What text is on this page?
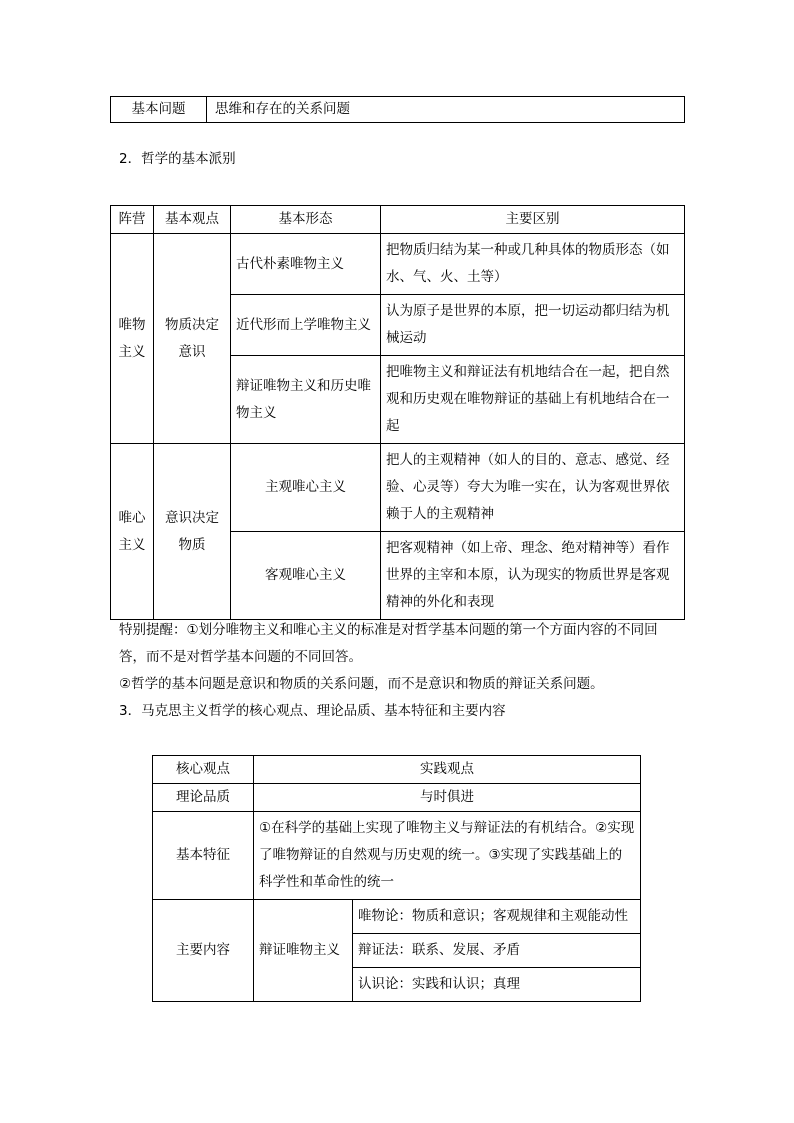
基本问题	思维和存在的关系问题

2．哲学的基本派别

阵营	基本观点	基本形态	主要区别
唯物主义	物质决定意识	古代朴素唯物主义	把物质归结为某一种或几种具体的物质形态（如水、气、火、土等）
		近代形而上学唯物主义	认为原子是世界的本原，把一切运动都归结为机械运动
		辩证唯物主义和历史唯物主义	把唯物主义和辩证法有机地结合在一起，把自然观和历史观在唯物辩证的基础上有机地结合在一起
唯心主义	意识决定物质	主观唯心主义	把人的主观精神（如人的目的、意志、感觉、经验、心灵等）夸大为唯一实在，认为客观世界依赖于人的主观精神
		客观唯心主义	把客观精神（如上帝、理念、绝对精神等）看作世界的主宰和本原，认为现实的物质世界是客观精神的外化和表现

特别提醒：①划分唯物主义和唯心主义的标准是对哲学基本问题的第一个方面内容的不同回答，而不是对哲学基本问题的不同回答。

②哲学的基本问题是意识和物质的关系问题，而不是意识和物质的辩证关系问题。

3．马克思主义哲学的核心观点、理论品质、基本特征和主要内容

核心观点	实践观点	
理论品质	与时俱进	
基本特征	①在科学的基础上实现了唯物主义与辩证法的有机结合。②实现了唯物辩证的自然观与历史观的统一。③实现了实践基础上的科学性和革命性的统一	
主要内容	辩证唯物主义	唯物论：物质和意识；客观规律和主观能动性
		辩证法：联系、发展、矛盾
		认识论：实践和认识；真理
